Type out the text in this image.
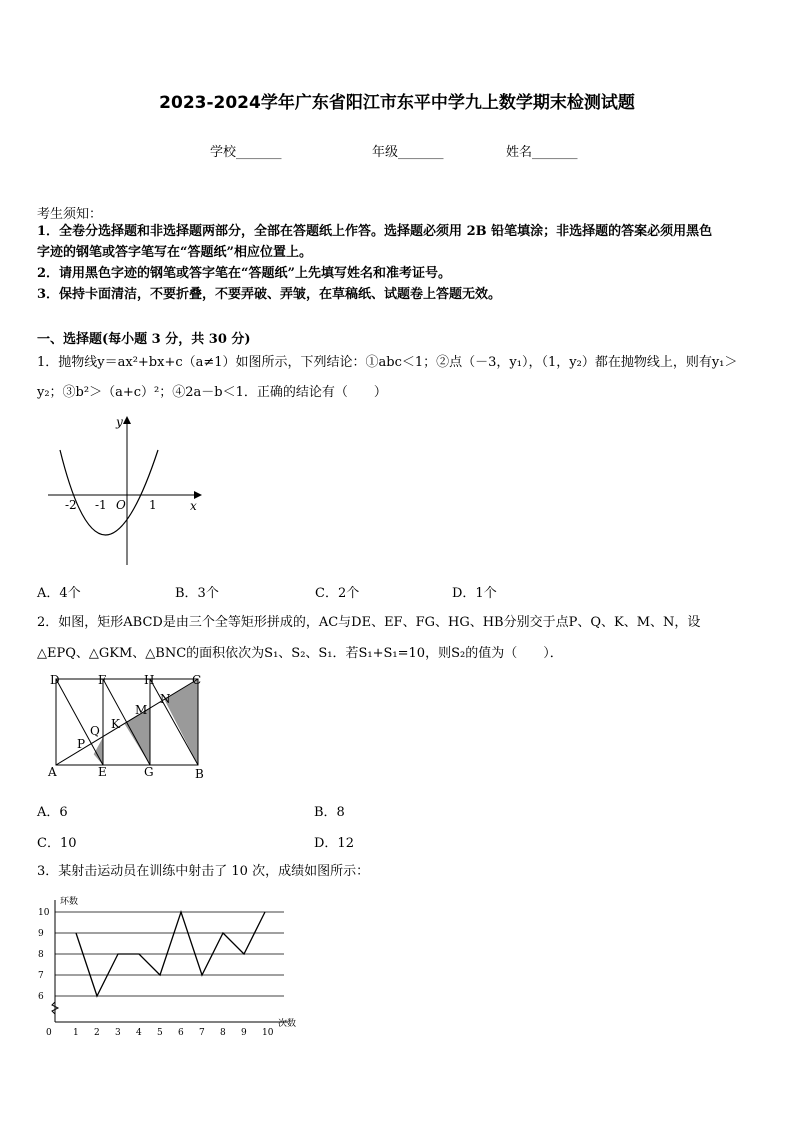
2023-2024学年广东省阳江市东平中学九上数学期末检测试题
学校_______	年级_______	姓名_______
考生须知：
1．全卷分选择题和非选择题两部分，全部在答题纸上作答。选择题必须用 2B 铅笔填涂；非选择题的答案必须用黑色
字迹的钢笔或答字笔写在“答题纸”相应位置上。
2．请用黑色字迹的钢笔或答字笔在“答题纸”上先填写姓名和准考证号。
3．保持卡面清洁，不要折叠，不要弄破、弄皱，在草稿纸、试题卷上答题无效。
一、选择题(每小题 3 分，共 30 分)
1．抛物线y＝ax²+bx+c（a≠1）如图所示，下列结论：①abc＜1；②点（－3，y₁），（1，y₂）都在抛物线上，则有y₁＞
y₂；③b²＞（a+c）²；④2a－b＜1．正确的结论有（　　）
y
x
O
-2 -1	1
A．4个	B．3个	C．2个	D．1个
2．如图，矩形ABCD是由三个全等矩形拼成的，AC与DE、EF、FG、HG、HB分别交于点P、Q、K、M、N，设
△EPQ、△GKM、△BNC的面积依次为S₁、S₂、S₁．若S₁+S₁=10，则S₂的值为（　　）．
D	F	H	C
A	E	G	B
P
Q K
M
N
A．6	B．8
C．10	D．12
3．某射击运动员在训练中射击了 10 次，成绩如图所示：
环数
次数
6
7
8
9
10
0 1 2 3 4 5 6 7 8 9 10
